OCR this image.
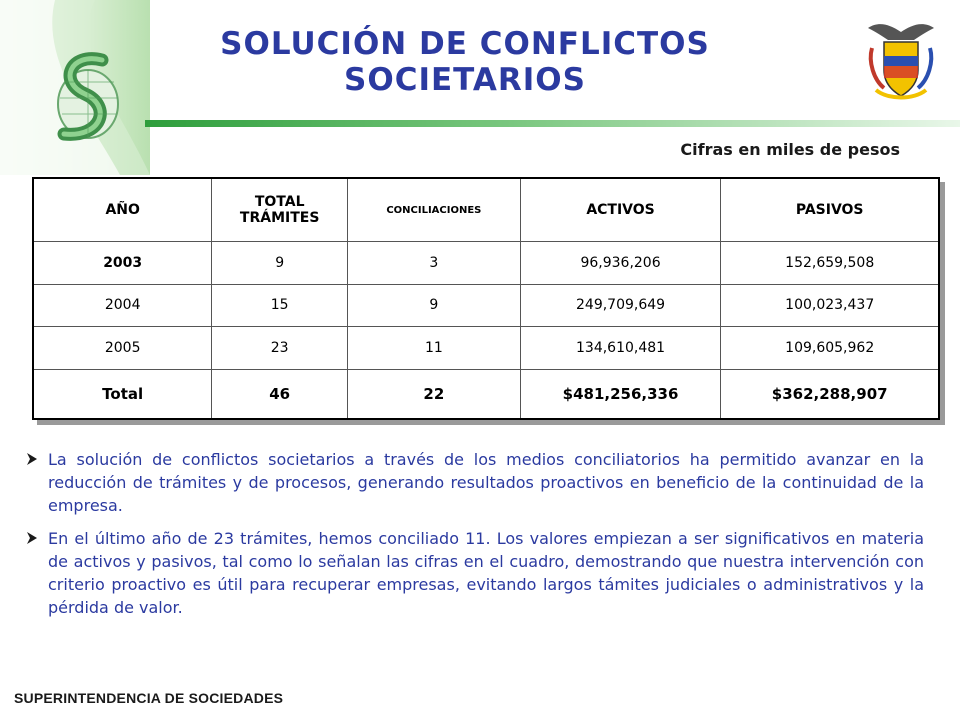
SOLUCIÓN DE CONFLICTOS
SOCIETARIOS
Cifras en miles de pesos
AÑO	TOTAL TRÁMITES	CONCILIACIONES	ACTIVOS	PASIVOS
2003	9	3	96,936,206	152,659,508
2004	15	9	249,709,649	100,023,437
2005	23	11	134,610,481	109,605,962
Total	46	22	$481,256,336	$362,288,907
La solución de conflictos societarios a través de los medios conciliatorios ha permitido avanzar en la reducción de trámites y de procesos, generando resultados proactivos en beneficio de la continuidad de la empresa.
En el último año de 23 trámites, hemos conciliado 11. Los valores empiezan a ser significativos en materia de activos y pasivos, tal como lo señalan las cifras en el cuadro, demostrando que nuestra intervención con criterio proactivo es útil para recuperar empresas, evitando largos támites judiciales o administrativos y la pérdida de valor.
SUPERINTENDENCIA DE SOCIEDADES
